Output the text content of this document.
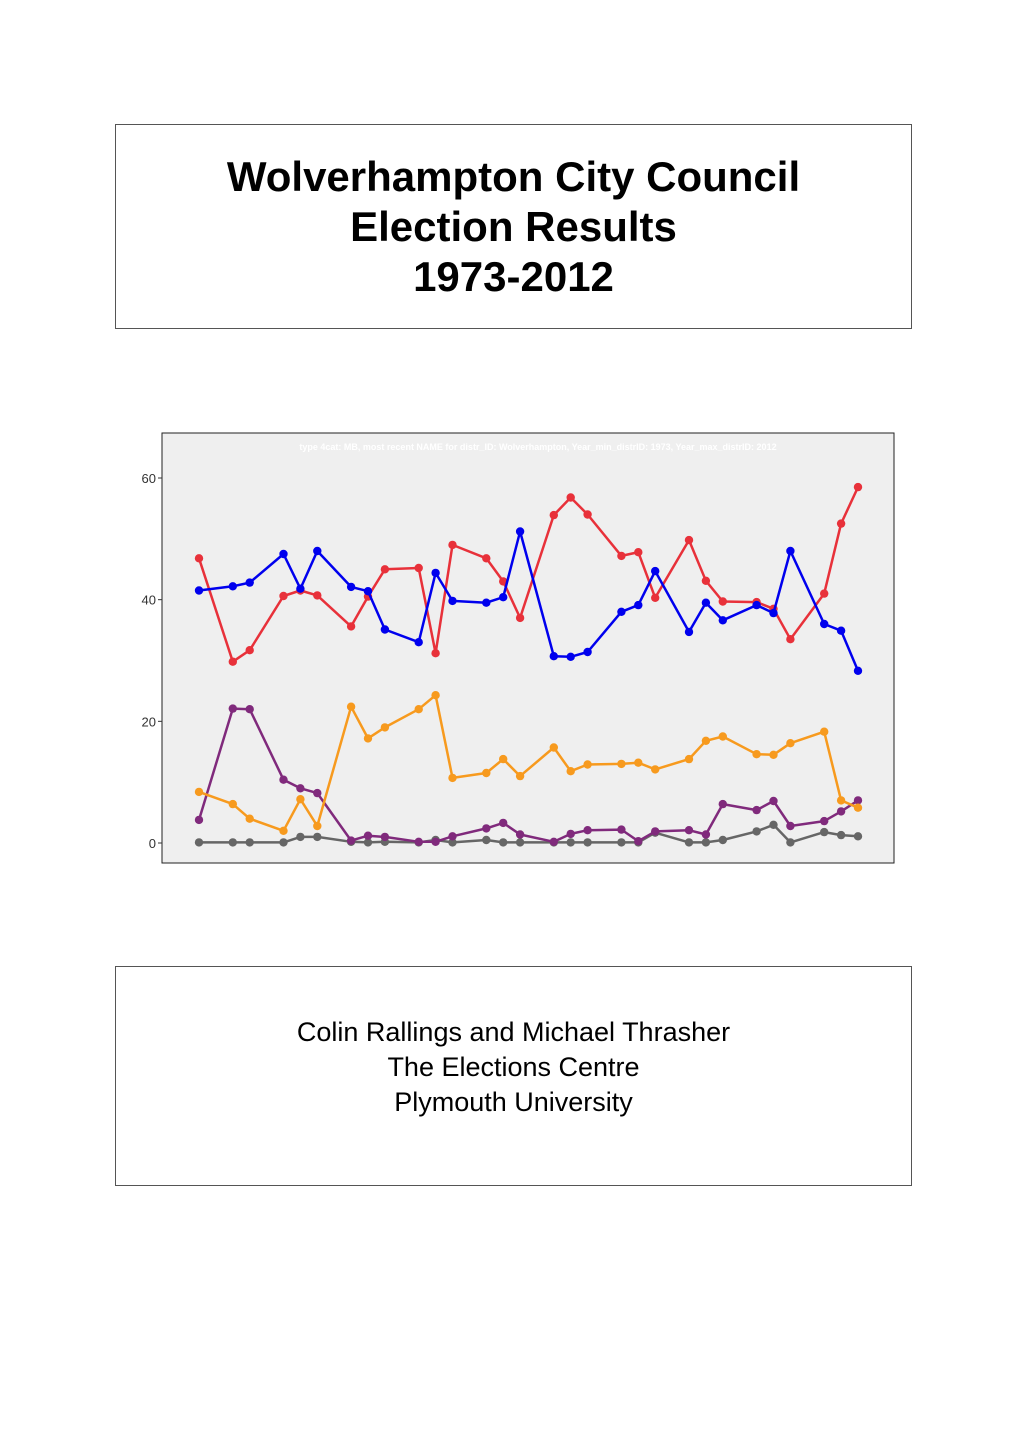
Wolverhampton City Council
Election Results
1973-2012
type 4cat: MB, most recent NAME for distr_ID: Wolverhampton, Year_min_distrID: 1973, Year_max_distrID: 2012
0
20
40
60
Colin Rallings and Michael Thrasher
The Elections Centre
Plymouth University
